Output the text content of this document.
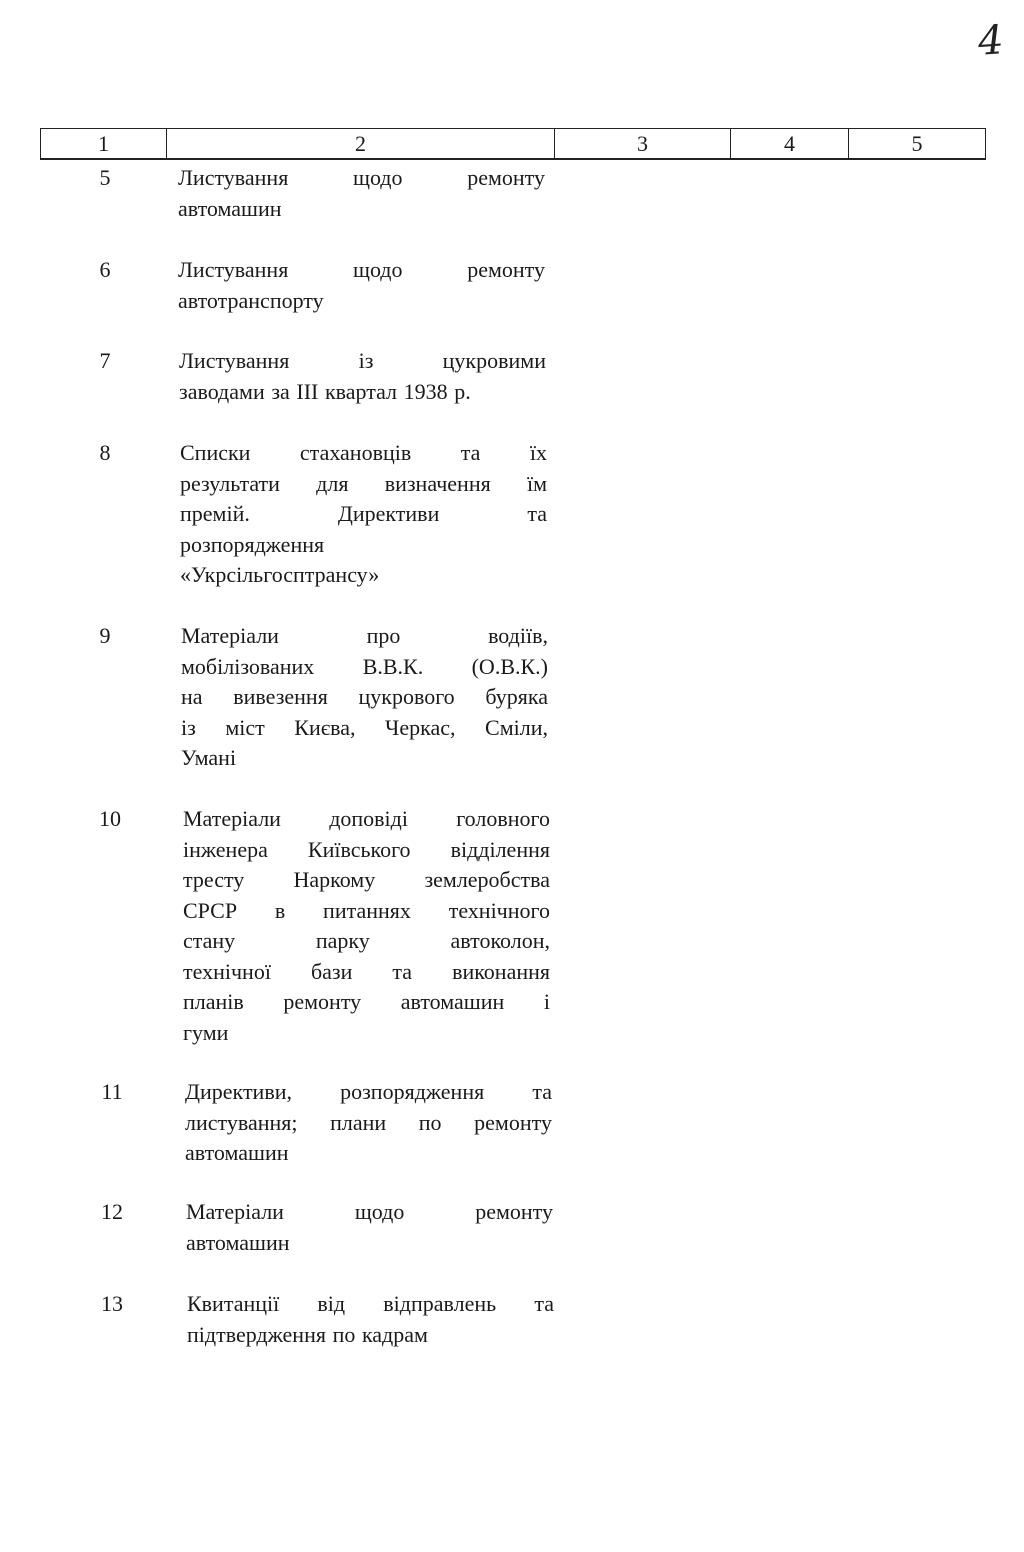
4
1	2	3	4	5
5	Листування	щодо	ремонту
автомашин
6	Листування	щодо	ремонту
автотранспорту
7	Листування	із	цукровими
заводами за III квартал 1938 р.
8	Списки стахановців та їх
результати для визначення їм
премій.	Директиви	та
розпорядження
«Укрсільгосптрансу»
9	Матеріали	про	водіїв,
мобілізованих В.В.К. (О.В.К.)
на вивезення цукрового буряка
із міст Києва, Черкас, Сміли,
Умані
10	Матеріали доповіді головного
інженера Київського відділення
тресту Наркому землеробства
СРСР в питаннях технічного
стану	парку	автоколон,
технічної бази та виконання
планів ремонту автомашин і
гуми
11	Директиви, розпорядження та
листування; плани по ремонту
автомашин
12	Матеріали	щодо	ремонту
автомашин
13	Квитанції від відправлень та
підтвердження по кадрам
